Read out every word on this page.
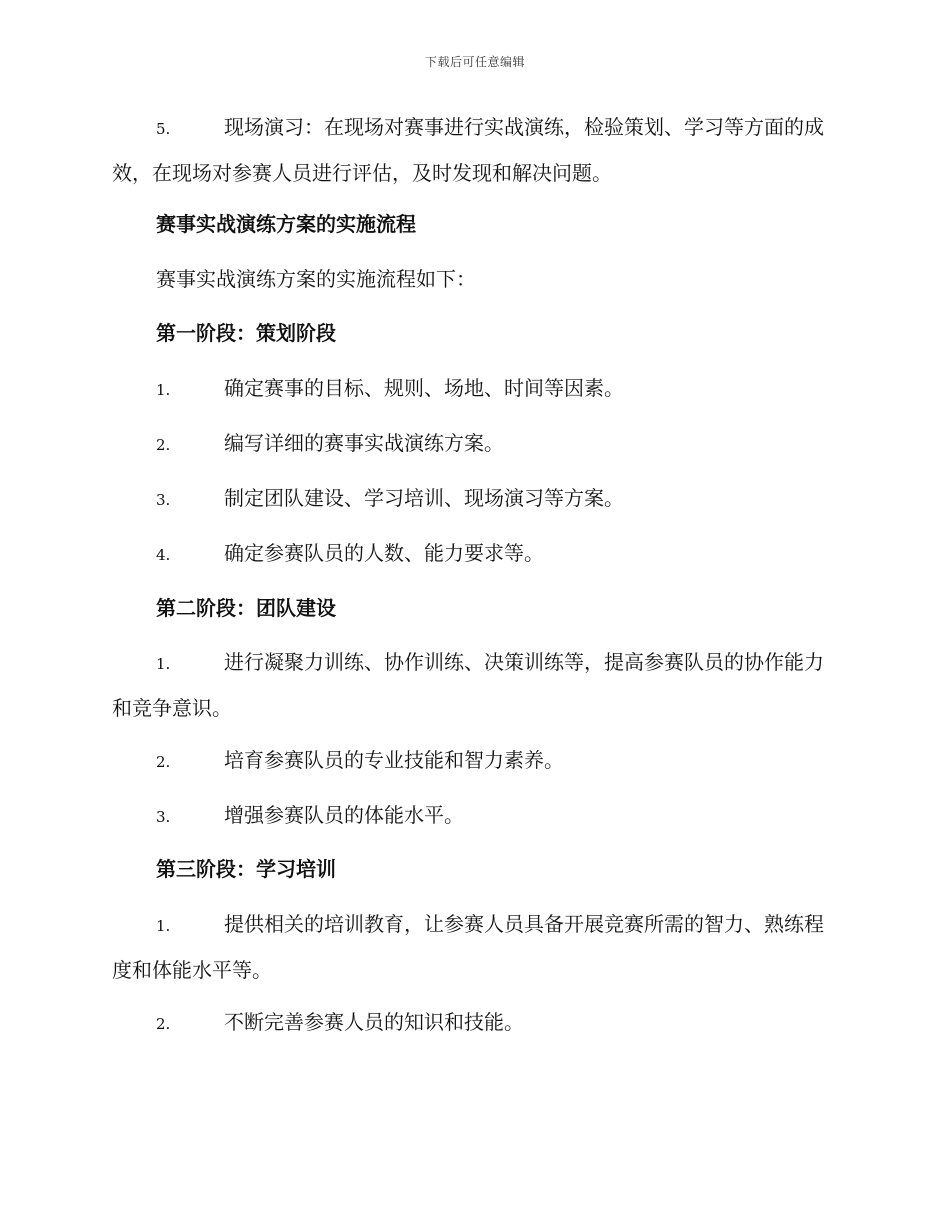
下载后可任意编辑
5.	现场演习：在现场对赛事进行实战演练，检验策划、学习等方面的成效，在现场对参赛人员进行评估，及时发现和解决问题。
赛事实战演练方案的实施流程
赛事实战演练方案的实施流程如下：
第一阶段：策划阶段
1.	确定赛事的目标、规则、场地、时间等因素。
2.	编写详细的赛事实战演练方案。
3.	制定团队建设、学习培训、现场演习等方案。
4.	确定参赛队员的人数、能力要求等。
第二阶段：团队建设
1.	进行凝聚力训练、协作训练、决策训练等，提高参赛队员的协作能力和竞争意识。
2.	培育参赛队员的专业技能和智力素养。
3.	增强参赛队员的体能水平。
第三阶段：学习培训
1.	提供相关的培训教育，让参赛人员具备开展竞赛所需的智力、熟练程度和体能水平等。
2.	不断完善参赛人员的知识和技能。
